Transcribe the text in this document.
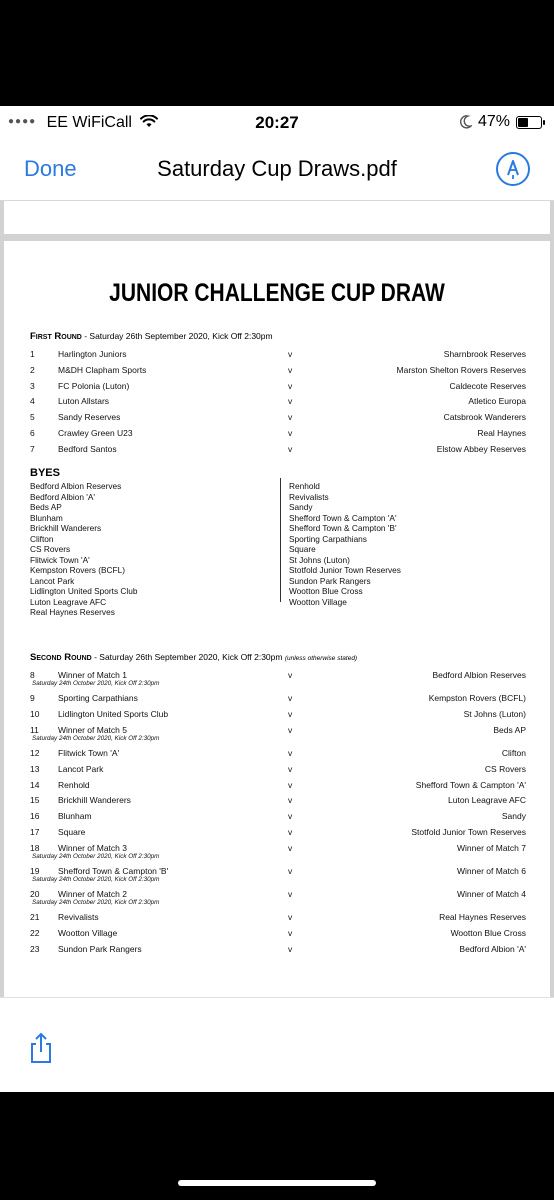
●●●● EE WiFiCall	20:27	47%
Done	Saturday Cup Draws.pdf
JUNIOR CHALLENGE CUP DRAW
First Round - Saturday 26th September 2020, Kick Off 2:30pm
1	Harlington Juniors	v	Sharnbrook Reserves
2	M&DH Clapham Sports	v	Marston Shelton Rovers Reserves
3	FC Polonia (Luton)	v	Caldecote Reserves
4	Luton Allstars	v	Atletico Europa
5	Sandy Reserves	v	Catsbrook Wanderers
6	Crawley Green U23	v	Real Haynes
7	Bedford Santos	v	Elstow Abbey Reserves
BYES
Bedford Albion Reserves
Bedford Albion 'A'
Beds AP
Blunham
Brickhill Wanderers
Clifton
CS Rovers
Flitwick Town 'A'
Kempston Rovers (BCFL)
Lancot Park
Lidlington United Sports Club
Luton Leagrave AFC
Real Haynes Reserves
Renhold
Revivalists
Sandy
Shefford Town & Campton 'A'
Shefford Town & Campton 'B'
Sporting Carpathians
Square
St Johns (Luton)
Stotfold Junior Town Reserves
Sundon Park Rangers
Wootton Blue Cross
Wootton Village
Second Round - Saturday 26th September 2020, Kick Off 2:30pm (unless otherwise stated)
8	Winner of Match 1	v	Bedford Albion Reserves
Saturday 24th October 2020, Kick Off 2:30pm
9	Sporting Carpathians	v	Kempston Rovers (BCFL)
10 Lidlington United Sports Club	v	St Johns (Luton)
11 Winner of Match 5	v	Beds AP
Saturday 24th October 2020, Kick Off 2:30pm
12 Flitwick Town 'A'	v	Clifton
13 Lancot Park	v	CS Rovers
14 Renhold	v	Shefford Town & Campton 'A'
15 Brickhill Wanderers	v	Luton Leagrave AFC
16 Blunham	v	Sandy
17 Square	v	Stotfold Junior Town Reserves
18 Winner of Match 3	v	Winner of Match 7
Saturday 24th October 2020, Kick Off 2:30pm
19 Shefford Town & Campton 'B'	v	Winner of Match 6
Saturday 24th October 2020, Kick Off 2:30pm
20 Winner of Match 2	v	Winner of Match 4
Saturday 24th October 2020, Kick Off 2:30pm
21 Revivalists	v	Real Haynes Reserves
22 Wootton Village	v	Wootton Blue Cross
23 Sundon Park Rangers	v	Bedford Albion 'A'
